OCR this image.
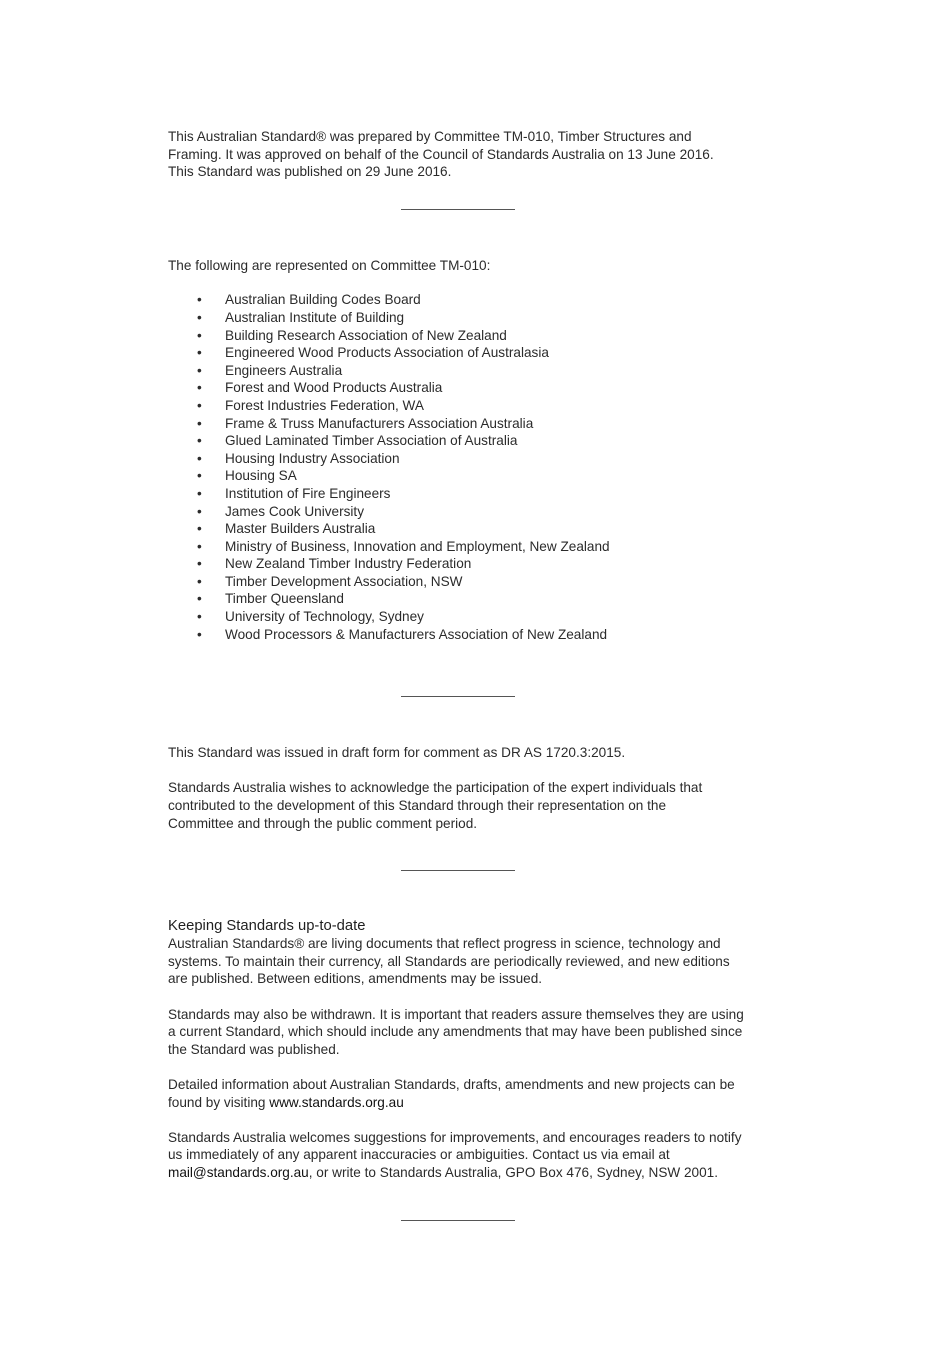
This Australian Standard® was prepared by Committee TM-010, Timber Structures and Framing. It was approved on behalf of the Council of Standards Australia on 13 June 2016. This Standard was published on 29 June 2016.

The following are represented on Committee TM-010:

• Australian Building Codes Board
• Australian Institute of Building
• Building Research Association of New Zealand
• Engineered Wood Products Association of Australasia
• Engineers Australia
• Forest and Wood Products Australia
• Forest Industries Federation, WA
• Frame & Truss Manufacturers Association Australia
• Glued Laminated Timber Association of Australia
• Housing Industry Association
• Housing SA
• Institution of Fire Engineers
• James Cook University
• Master Builders Australia
• Ministry of Business, Innovation and Employment, New Zealand
• New Zealand Timber Industry Federation
• Timber Development Association, NSW
• Timber Queensland
• University of Technology, Sydney
• Wood Processors & Manufacturers Association of New Zealand

This Standard was issued in draft form for comment as DR AS 1720.3:2015.

Standards Australia wishes to acknowledge the participation of the expert individuals that contributed to the development of this Standard through their representation on the Committee and through the public comment period.

Keeping Standards up-to-date

Australian Standards® are living documents that reflect progress in science, technology and systems. To maintain their currency, all Standards are periodically reviewed, and new editions are published. Between editions, amendments may be issued.

Standards may also be withdrawn. It is important that readers assure themselves they are using a current Standard, which should include any amendments that may have been published since the Standard was published.

Detailed information about Australian Standards, drafts, amendments and new projects can be found by visiting www.standards.org.au

Standards Australia welcomes suggestions for improvements, and encourages readers to notify us immediately of any apparent inaccuracies or ambiguities. Contact us via email at mail@standards.org.au, or write to Standards Australia, GPO Box 476, Sydney, NSW 2001.
